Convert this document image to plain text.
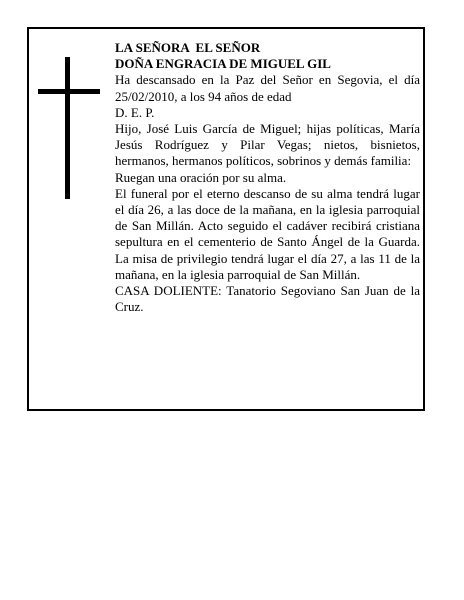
LA SEÑORA  EL SEÑOR

DOÑA ENGRACIA DE MIGUEL GIL

Ha descansado en la Paz del Señor en Segovia, el día 25/02/2010, a los 94 años de edad

D. E. P.

Hijo, José Luis García de Miguel; hijas políticas, María Jesús Rodríguez y Pilar Vegas; nietos, bisnietos, hermanos, hermanos políticos, sobrinos y demás familia:

Ruegan una oración por su alma.

El funeral por el eterno descanso de su alma tendrá lugar el día 26, a las doce de la mañana, en la iglesia parroquial de San Millán. Acto seguido el cadáver recibirá cristiana sepultura en el cementerio de Santo Ángel de la Guarda. La misa de privilegio tendrá lugar el día 27, a las 11 de la mañana, en la iglesia parroquial de San Millán.

CASA DOLIENTE: Tanatorio Segoviano San Juan de la Cruz.
